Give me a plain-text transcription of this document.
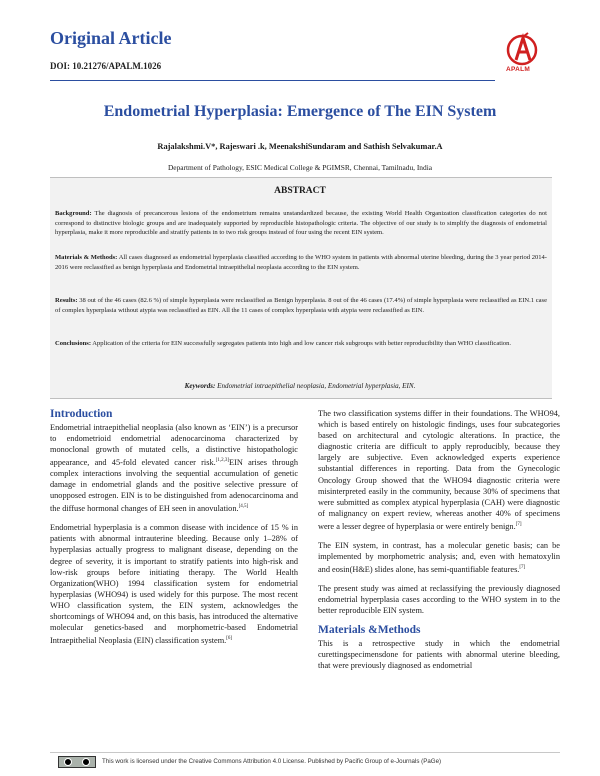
Original Article
DOI: 10.21276/APALM.1026	APALM
Endometrial Hyperplasia: Emergence of The EIN System
Rajalakshmi.V*, Rajeswari .k, MeenakshiSundaram and Sathish Selvakumar.A
Department of Pathology, ESIC Medical College & PGIMSR, Chennai, Tamilnadu, India
ABSTRACT
Background: The diagnosis of precancerous lesions of the endometrium remains unstandardized because, the existing World Health Organization classification categories do not correspond to distinctive biologic groups and are inadequately supported by reproducible histopathologic criteria. The objective of our study is to simplify the diagnosis of endometrial hyperplasia, make it more reproducible and stratify patients in to two risk groups instead of four using the recent EIN system.
Materials & Methods: All cases diagnosed as endometrial hyperplasia classified according to the WHO system in patients with abnormal uterine bleeding, during the 3 year period 2014-2016 were reclassified as benign hyperplasia and Endometrial intraepithelial neoplasia according to the EIN system.
Results: 38 out of the 46 cases (82.6 %) of simple hyperplasia were reclassified as Benign hyperplasia. 8 out of the 46 cases (17.4%) of simple hyperplasia were reclassified as EIN.1 case of complex hyperplasia without atypia was reclassified as EIN. All the 11 cases of complex hyperplasia with atypia were reclassified as EIN.
Conclusions: Application of the criteria for EIN successfully segregates patients into high and low cancer risk subgroups with better reproducibility than WHO classification.
Keywords: Endometrial intraepithelial neoplasia, Endometrial hyperplasia, EIN.
Introduction

Endometrial intraepithelial neoplasia (also known as ‘EIN’) is a precursor to endometrioid endometrial adenocarcinoma characterized by monoclonal growth of mutated cells, a distinctive histopathologic appearance, and 45-fold elevated cancer risk.[1,2,3]EIN arises through complex interactions involving the sequential accumulation of genetic damage in endometrial glands and the positive selective pressure of unopposed estrogen. EIN is to be distinguished from adenocarcinoma and the diffuse hormonal changes of EH seen in anovulation.[4,5]

Endometrial hyperplasia is a common disease with incidence of 15 % in patients with abnormal intrauterine bleeding. Because only 1–28% of hyperplasias actually progress to malignant disease, depending on the degree of severity, it is important to stratify patients into high-risk and low-risk groups before initiating therapy. The World Health Organization(WHO) 1994 classification system for endometrial hyperplasias (WHO94) is used widely for this purpose. The most recent WHO classification system, the EIN system, acknowledges the shortcomings of WHO94 and, on this basis, has introduced the alternative molecular genetics-based and morphometric-based Endometrial Intraepithelial Neoplasia (EIN) classification system.[6]

The two classification systems differ in their foundations. The WHO94, which is based entirely on histologic findings, uses four subcategories based on architectural and cytologic alterations. In practice, the diagnostic criteria are difficult to apply reproducibly, because they largely are subjective. Even acknowledged experts experience substantial differences in reporting. Data from the Gynecologic Oncology Group showed that the WHO94 diagnostic criteria were misinterpreted easily in the community, because 30% of specimens that were submitted as complex atypical hyperplasia (CAH) were diagnostic of malignancy on expert review, whereas another 40% of specimens were a lesser degree of hyperplasia or were entirely benign.[7]

The EIN system, in contrast, has a molecular genetic basis; can be implemented by morphometric analysis; and, even with hematoxylin and eosin(H&E) slides alone, has semi-quantifiable features.[7]

The present study was aimed at reclassifying the previously diagnosed endometrial hyperplasia cases according to the WHO system in to the better reproducible EIN system.

Materials &Methods

This is a retrospective study in which the endometrial curettingspecimensdone for patients with abnormal uterine bleeding, that were previously diagnosed as endometrial

This work is licensed under the Creative Commons Attribution 4.0 License. Published by Pacific Group of e-Journals (PaGe)
